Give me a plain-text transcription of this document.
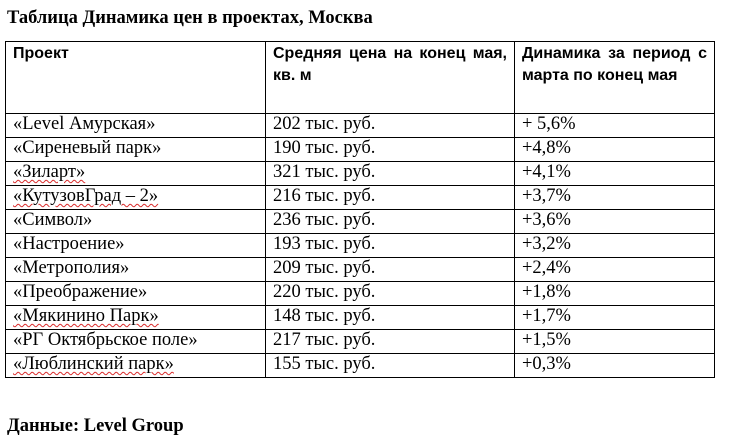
Таблица Динамика цен в проектах, Москва
Проект	Средняя цена на конец мая, кв. м	Динамика за период с марта по конец мая

«Level Амурская»	202 тыс. руб.	+ 5,6%
«Сиреневый парк»	190 тыс. руб.	+4,8%
«Зиларт»	321 тыс. руб.	+4,1%
«КутузовГрад – 2»	216 тыс. руб.	+3,7%
«Символ»	236 тыс. руб.	+3,6%
«Настроение»	193 тыс. руб.	+3,2%
«Метрополия»	209 тыс. руб.	+2,4%
«Преображение»	220 тыс. руб.	+1,8%
«Мякинино Парк»	148 тыс. руб.	+1,7%
«РГ Октябрьское поле»	217 тыс. руб.	+1,5%
«Люблинский парк»	155 тыс. руб.	+0,3%
Данные: Level Group
